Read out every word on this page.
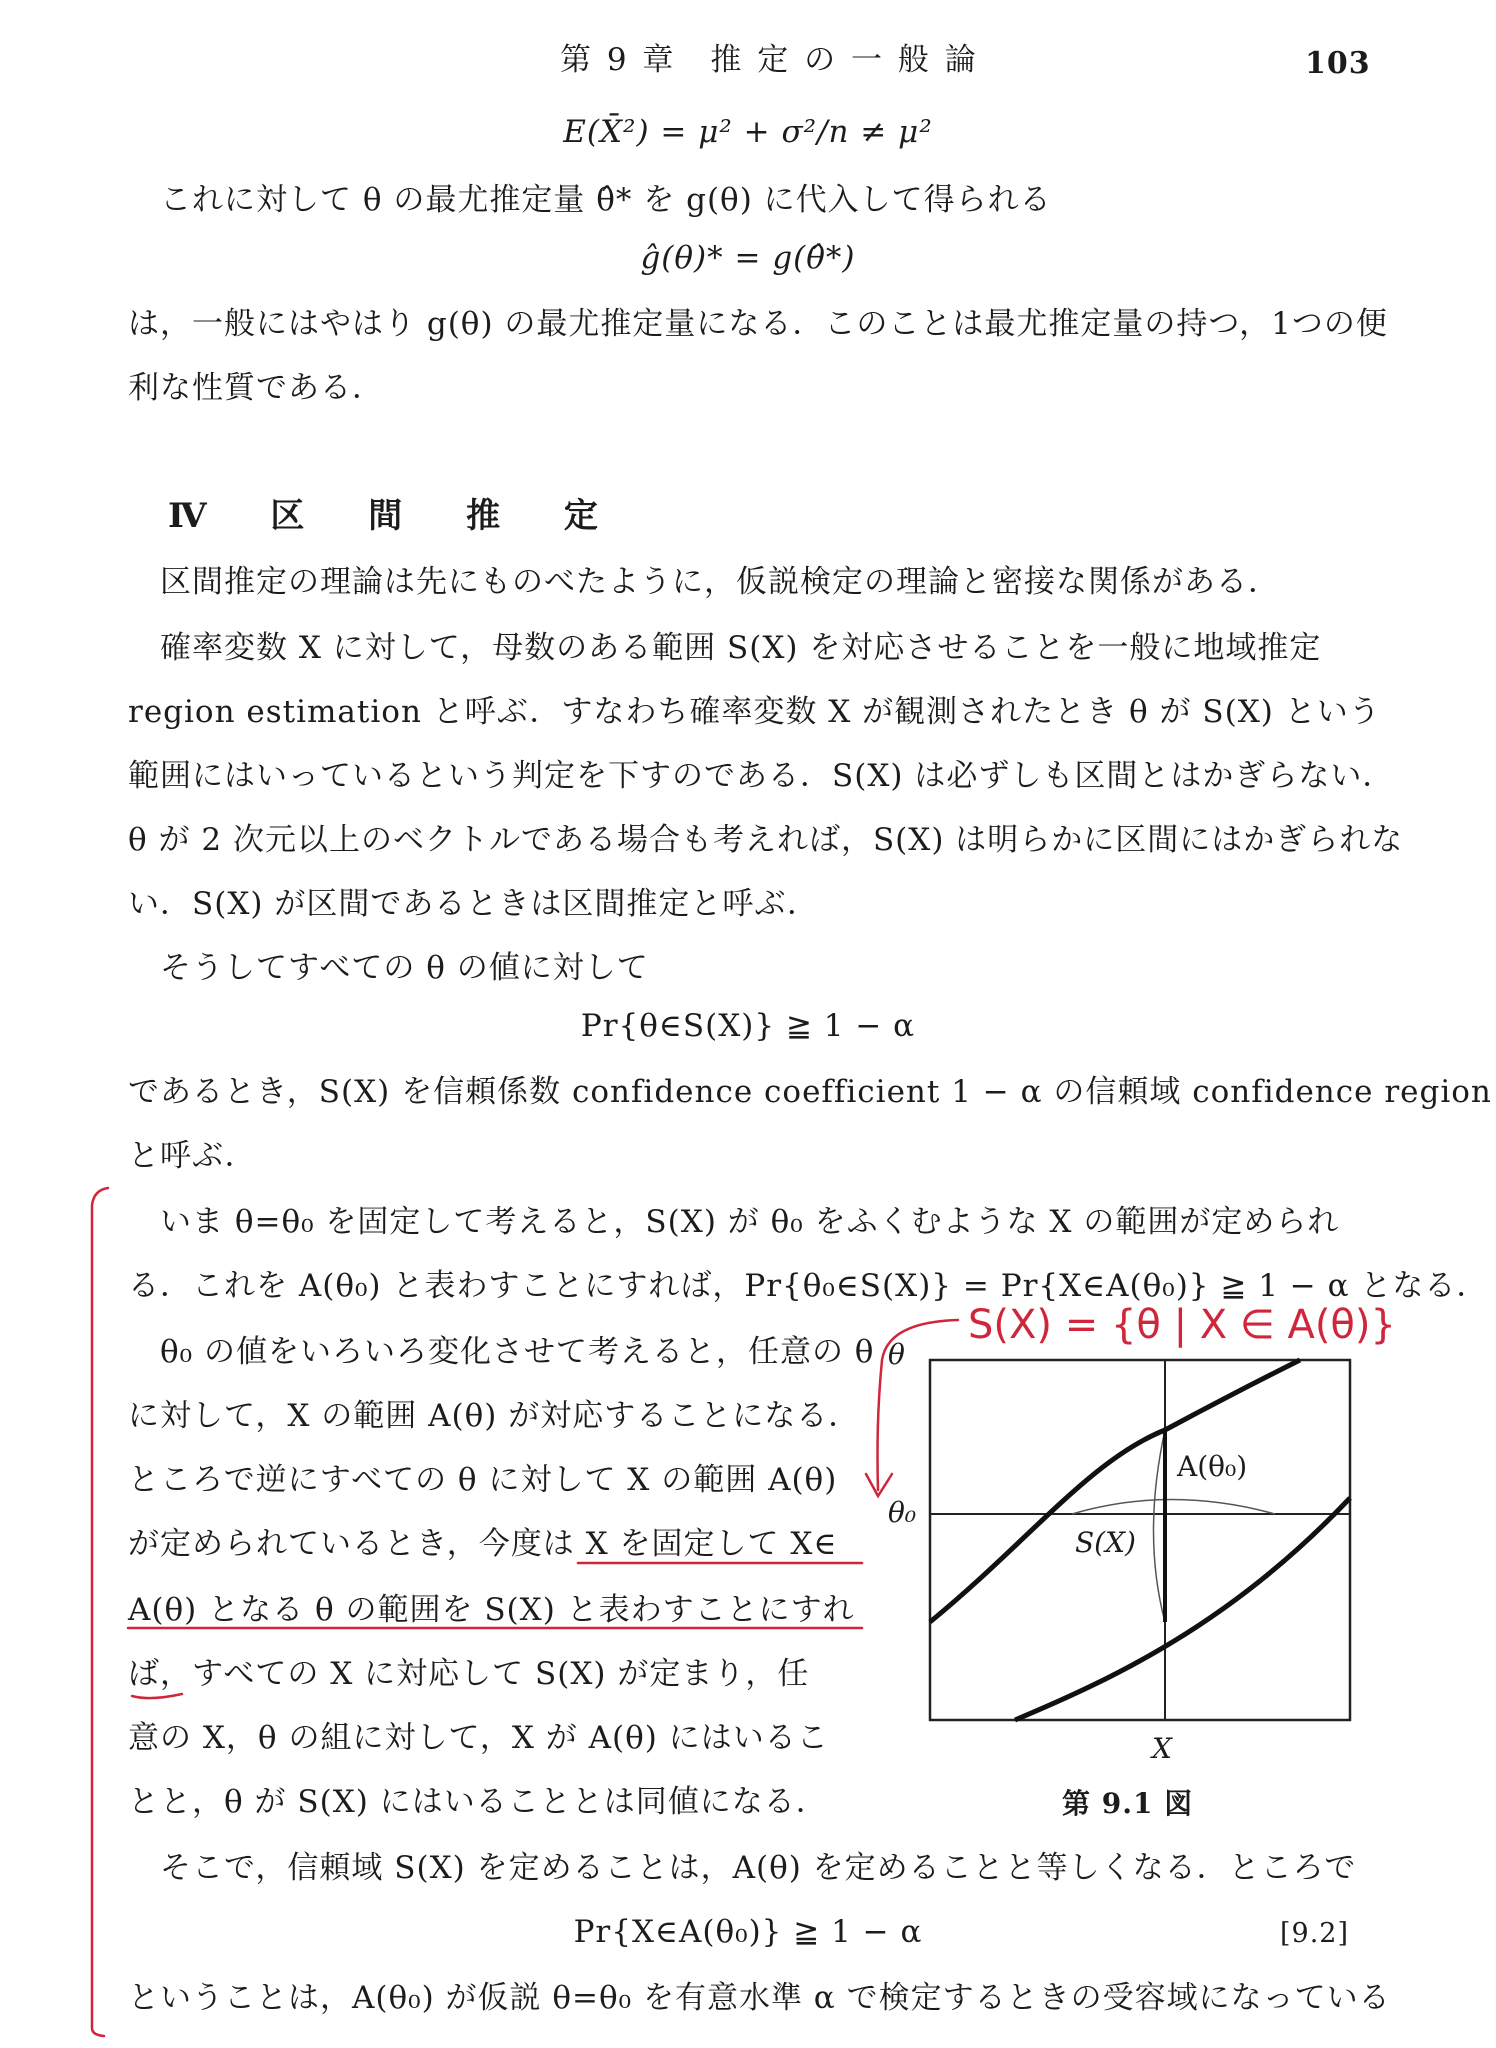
第 9 章　推 定 の 一 般 論	103
E(X̄²) = μ² + σ²/n ≠ μ²
これに対して θ の最尤推定量 θ̂* を g(θ) に代入して得られる
ĝ(θ)* = g(θ̂*)
は，一般にはやはり g(θ) の最尤推定量になる．このことは最尤推定量の持つ，1つの便
利な性質である．
Ⅳ 区 間 推 定
区間推定の理論は先にものべたように，仮説検定の理論と密接な関係がある．
確率変数 X に対して，母数のある範囲 S(X) を対応させることを一般に地域推定
region estimation と呼ぶ．すなわち確率変数 X が観測されたとき θ が S(X) という
範囲にはいっているという判定を下すのである．S(X) は必ずしも区間とはかぎらない．
θ が 2 次元以上のベクトルである場合も考えれば，S(X) は明らかに区間にはかぎられな
い．S(X) が区間であるときは区間推定と呼ぶ．
そうしてすべての θ の値に対して
Pr{θ∈S(X)} ≧ 1 − α
であるとき，S(X) を信頼係数 confidence coefficient 1 − α の信頼域 confidence region
と呼ぶ．
いま θ=θ₀ を固定して考えると，S(X) が θ₀ をふくむような X の範囲が定められ
る．これを A(θ₀) と表わすことにすれば，Pr{θ₀∈S(X)} = Pr{X∈A(θ₀)} ≧ 1 − α となる．
θ₀ の値をいろいろ変化させて考えると，任意の θ
に対して，X の範囲 A(θ) が対応することになる．
ところで逆にすべての θ に対して X の範囲 A(θ)
が定められているとき，今度は X を固定して X∈
A(θ) となる θ の範囲を S(X) と表わすことにすれ
ば，すべての X に対応して S(X) が定まり，任
意の X，θ の組に対して，X が A(θ) にはいるこ
とと，θ が S(X) にはいることとは同値になる．
そこで，信頼域 S(X) を定めることは，A(θ) を定めることと等しくなる．ところで
Pr{X∈A(θ₀)} ≧ 1 − α	[9.2]
ということは，A(θ₀) が仮説 θ=θ₀ を有意水準 α で検定するときの受容域になっている
θ
θ₀
A(θ₀)
S(X)
X
第 9.1 図
S(X) = {θ | X ∈ A(θ)}
